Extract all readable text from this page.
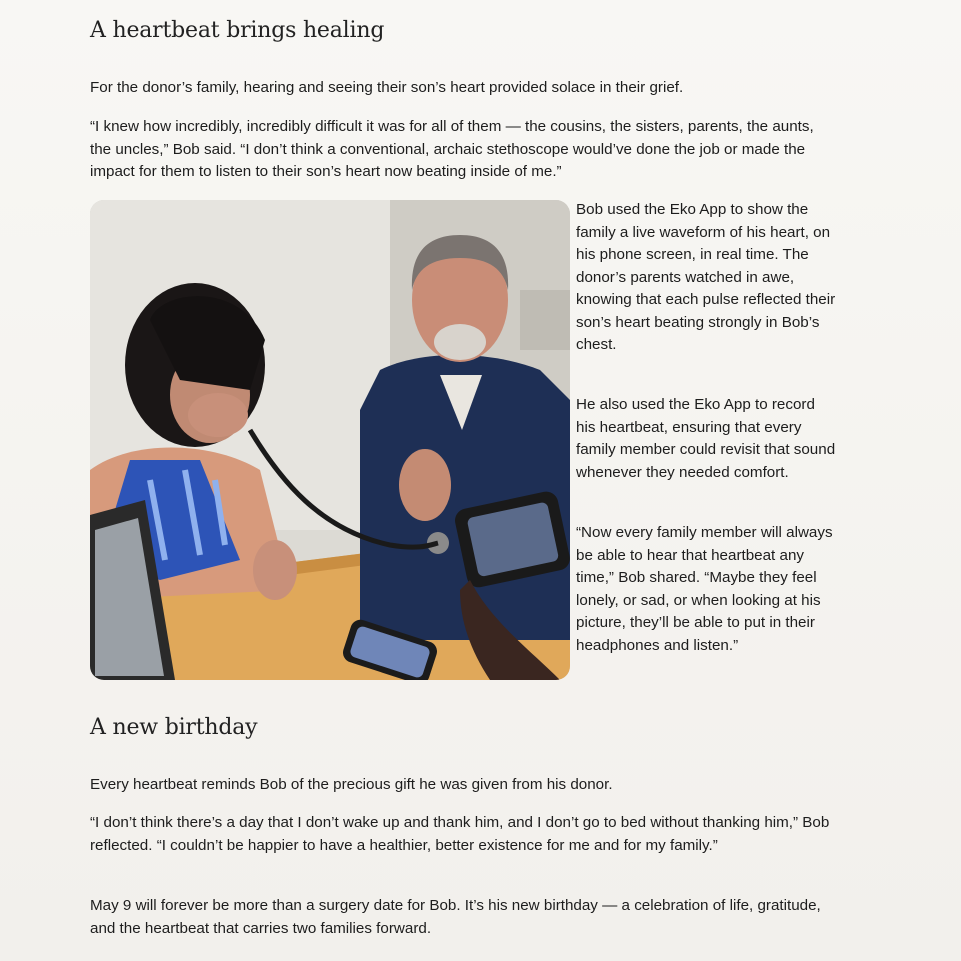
A heartbeat brings healing

For the donor’s family, hearing and seeing their son’s heart provided solace in their grief.

“I knew how incredibly, incredibly difficult it was for all of them — the cousins, the sisters, parents, the aunts, the uncles,” Bob said. “I don’t think a conventional, archaic stethoscope would’ve done the job or made the impact for them to listen to their son’s heart now beating inside of me.”

Bob used the Eko App to show the family a live waveform of his heart, on his phone screen, in real time. The donor’s parents watched in awe, knowing that each pulse reflected their son’s heart beating strongly in Bob’s chest.

He also used the Eko App to record his heartbeat, ensuring that every family member could revisit that sound whenever they needed comfort.

“Now every family member will always be able to hear that heartbeat any time,” Bob shared. “Maybe they feel lonely, or sad, or when looking at his picture, they’ll be able to put in their headphones and listen.”

A new birthday

Every heartbeat reminds Bob of the precious gift he was given from his donor.

“I don’t think there’s a day that I don’t wake up and thank him, and I don’t go to bed without thanking him,” Bob reflected. “I couldn’t be happier to have a healthier, better existence for me and for my family.”

May 9 will forever be more than a surgery date for Bob. It’s his new birthday — a celebration of life, gratitude, and the heartbeat that carries two families forward.
